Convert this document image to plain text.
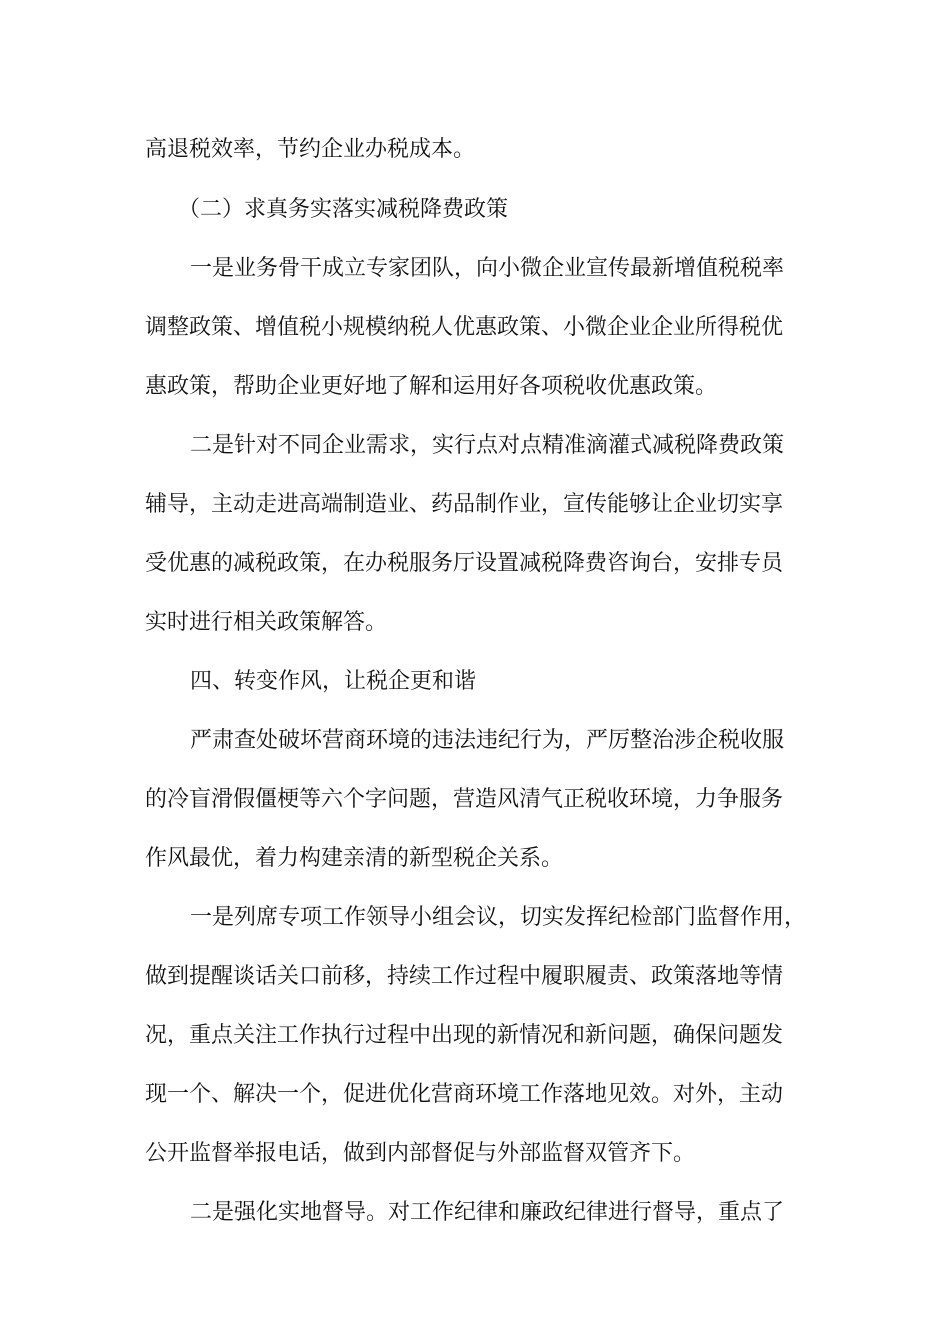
高退税效率，节约企业办税成本。
（二）求真务实落实减税降费政策
一是业务骨干成立专家团队，向小微企业宣传最新增值税税率
调整政策、增值税小规模纳税人优惠政策、小微企业企业所得税优
惠政策，帮助企业更好地了解和运用好各项税收优惠政策。
二是针对不同企业需求，实行点对点精准滴灌式减税降费政策
辅导，主动走进高端制造业、药品制作业，宣传能够让企业切实享
受优惠的减税政策，在办税服务厅设置减税降费咨询台，安排专员
实时进行相关政策解答。
四、转变作风，让税企更和谐
严肃查处破坏营商环境的违法违纪行为，严厉整治涉企税收服
的冷盲滑假僵梗等六个字问题，营造风清气正税收环境，力争服务
作风最优，着力构建亲清的新型税企关系。
一是列席专项工作领导小组会议，切实发挥纪检部门监督作用，
做到提醒谈话关口前移，持续工作过程中履职履责、政策落地等情
况，重点关注工作执行过程中出现的新情况和新问题，确保问题发
现一个、解决一个，促进优化营商环境工作落地见效。对外，主动
公开监督举报电话，做到内部督促与外部监督双管齐下。
二是强化实地督导。对工作纪律和廉政纪律进行督导，重点了
